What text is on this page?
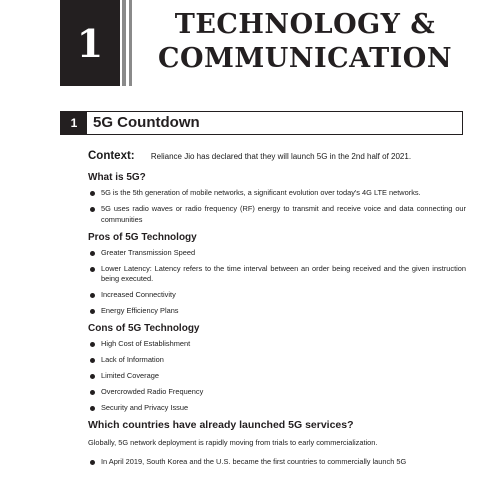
1	TECHNOLOGY &
COMMUNICATION
1	5G Countdown
Context: Reliance Jio has declared that they will launch 5G in the 2nd half of 2021.
What is 5G?
5G is the 5th generation of mobile networks, a significant evolution over today's 4G LTE networks.
5G uses radio waves or radio frequency (RF) energy to transmit and receive voice and data connecting our communities
Pros of 5G Technology
Greater Transmission Speed
Lower Latency: Latency refers to the time interval between an order being received and the given instruction being executed.
Increased Connectivity
Energy Efficiency Plans
Cons of 5G Technology
High Cost of Establishment
Lack of Information
Limited Coverage
Overcrowded Radio Frequency
Security and Privacy Issue
Which countries have already launched 5G services?
Globally, 5G network deployment is rapidly moving from trials to early commercialization.
In April 2019, South Korea and the U.S. became the first countries to commercially launch 5G
